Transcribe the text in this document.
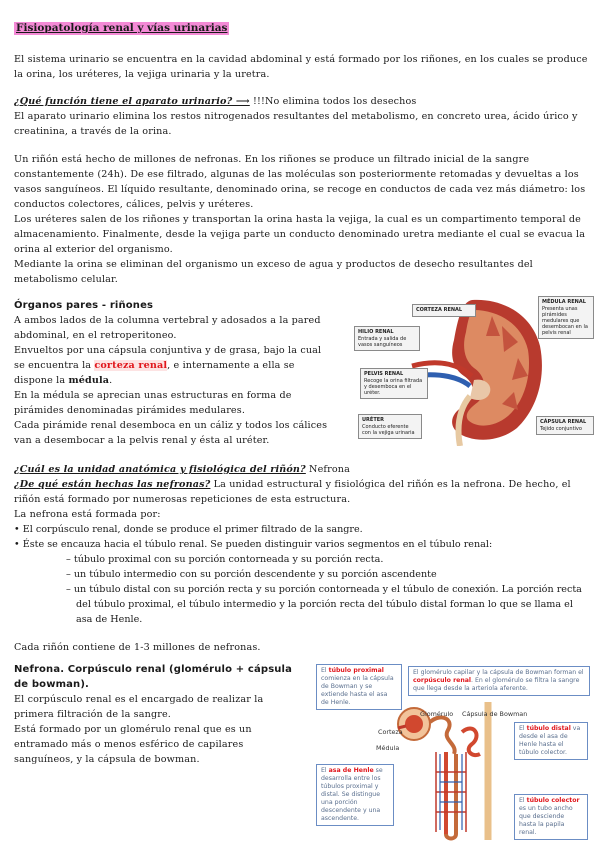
Fisiopatología renal y vías urinarias

El sistema urinario se encuentra en la cavidad abdominal y está formado por los riñones, en los cuales se produce la orina, los uréteres, la vejiga urinaria y la uretra.

¿Qué función tiene el aparato urinario? ⟶ !!!No elimina todos los desechos

El aparato urinario elimina los restos nitrogenados resultantes del metabolismo, en concreto urea, ácido úrico y creatinina, a través de la orina.

Un riñón está hecho de millones de nefronas. En los riñones se produce un filtrado inicial de la sangre constantemente (24h). De ese filtrado, algunas de las moléculas son posteriormente retomadas y devueltas a los vasos sanguíneos. El líquido resultante, denominado orina, se recoge en conductos de cada vez más diámetro: los conductos colectores, cálices, pelvis y uréteres.

Los uréteres salen de los riñones y transportan la orina hasta la vejiga, la cual es un compartimento temporal de almacenamiento. Finalmente, desde la vejiga parte un conducto denominado uretra mediante el cual se evacua la orina al exterior del organismo.

Mediante la orina se eliminan del organismo un exceso de agua y productos de desecho resultantes del metabolismo celular.

Órganos pares - riñones

A ambos lados de la columna vertebral y adosados a la pared abdominal, en el retroperitoneo.

Envueltos por una cápsula conjuntiva y de grasa, bajo la cual se encuentra la corteza renal, e internamente a ella se dispone la médula.

En la médula se aprecian unas estructuras en forma de pirámides denominadas pirámides medulares.

Cada pirámide renal desemboca en un cáliz y todos los cálices van a desembocar a la pelvis renal y ésta al uréter.

CORTEZA RENAL
MÉDULA RENAL
Presenta unas pirámides medulares que desembocan en la pelvis renal
HILIO RENAL
Entrada y salida de vasos sanguíneos
PELVIS RENAL
Recoge la orina filtrada y desemboca en el uréter.
URÉTER
Conducto eferente con la vejiga urinaria
CÁPSULA RENAL
Tejido conjuntivo

¿Cuál es la unidad anatómica y fisiológica del riñón? Nefrona

¿De qué están hechas las nefronas? La unidad estructural y fisiológica del riñón es la nefrona. De hecho, el riñón está formado por numerosas repeticiones de esta estructura.

La nefrona está formada por:

• El corpúsculo renal, donde se produce el primer filtrado de la sangre.
• Éste se encauza hacia el túbulo renal. Se pueden distinguir varios segmentos en el túbulo renal:
– túbulo proximal con su porción contorneada y su porción recta.
– un túbulo intermedio con su porción descendente y su porción ascendente
– un túbulo distal con su porción recta y su porción contorneada y el túbulo de conexión. La porción recta del túbulo proximal, el túbulo intermedio y la porción recta del túbulo distal forman lo que se llama el asa de Henle.

Cada riñón contiene de 1-3 millones de nefronas.

Nefrona. Corpúsculo renal (glomérulo + cápsula de bowman).

El corpúsculo renal es el encargado de realizar la primera filtración de la sangre.

Está formado por un glomérulo renal que es un entramado más o menos esférico de capilares sanguíneos, y la cápsula de bowman.

El túbulo proximal comienza en la cápsula de Bowman y se extiende hasta el asa de Henle.
El glomérulo capilar y la cápsula de Bowman forman el corpúsculo renal. En el glomérulo se filtra la sangre que llega desde la arteriola aferente.
Glomérulo Cápsula de Bowman
Corteza
Médula
El túbulo distal va desde el asa de Henle hasta el túbulo colector.
El asa de Henle se desarrolla entre los túbulos proximal y distal. Se distingue una porción descendente y una ascendente.
El túbulo colector es un tubo ancho que desciende hasta la papila renal.
